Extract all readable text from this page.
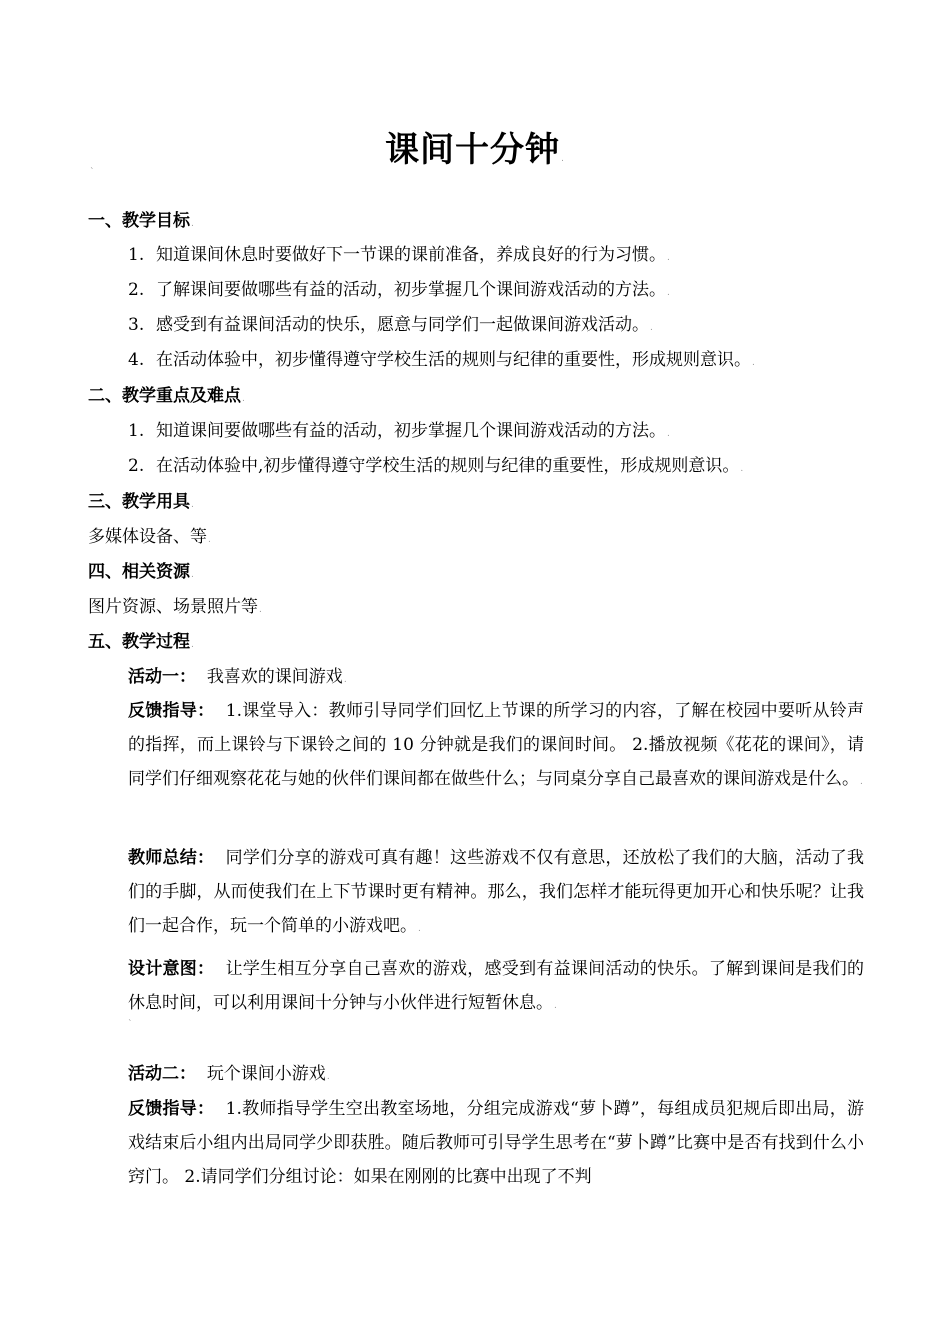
课间十分钟.
`
一、教学目标.
1. 知道课间休息时要做好下一节课的课前准备，养成良好的行为习惯。.
2. 了解课间要做哪些有益的活动，初步掌握几个课间游戏活动的方法。.
3. 感受到有益课间活动的快乐，愿意与同学们一起做课间游戏活动。.
4. 在活动体验中，初步懂得遵守学校生活的规则与纪律的重要性，形成规则意识。.
二、教学重点及难点.
1. 知道课间要做哪些有益的活动，初步掌握几个课间游戏活动的方法。.
2. 在活动体验中,初步懂得遵守学校生活的规则与纪律的重要性，形成规则意识。.
三、教学用具.
多媒体设备、等.
四、相关资源.
图片资源、场景照片等.
五、教学过程.
活动一： 我喜欢的课间游戏.
反馈指导： 1.课堂导入：教师引导同学们回忆上节课的所学习的内容，了解在校园中要听从铃声的指挥，而上课铃与下课铃之间的 10 分钟就是我们的课间时间。 2.播放视频《花花的课间》，请同学们仔细观察花花与她的伙伴们课间都在做些什么；与同桌分享自己最喜欢的课间游戏是什么。.
教师总结： 同学们分享的游戏可真有趣！这些游戏不仅有意思，还放松了我们的大脑，活动了我们的手脚，从而使我们在上下节课时更有精神。那么，我们怎样才能玩得更加开心和快乐呢？让我们一起合作，玩一个简单的小游戏吧。.
设计意图： 让学生相互分享自己喜欢的游戏，感受到有益课间活动的快乐。了解到课间是我们的休息时间，可以利用课间十分钟与小伙伴进行短暂休息。.
`
活动二： 玩个课间小游戏.
反馈指导： 1.教师指导学生空出教室场地，分组完成游戏“萝卜蹲”，每组成员犯规后即出局，游戏结束后小组内出局同学少即获胜。随后教师可引导学生思考在“萝卜蹲”比赛中是否有找到什么小窍门。 2.请同学们分组讨论：如果在刚刚的比赛中出现了不判
